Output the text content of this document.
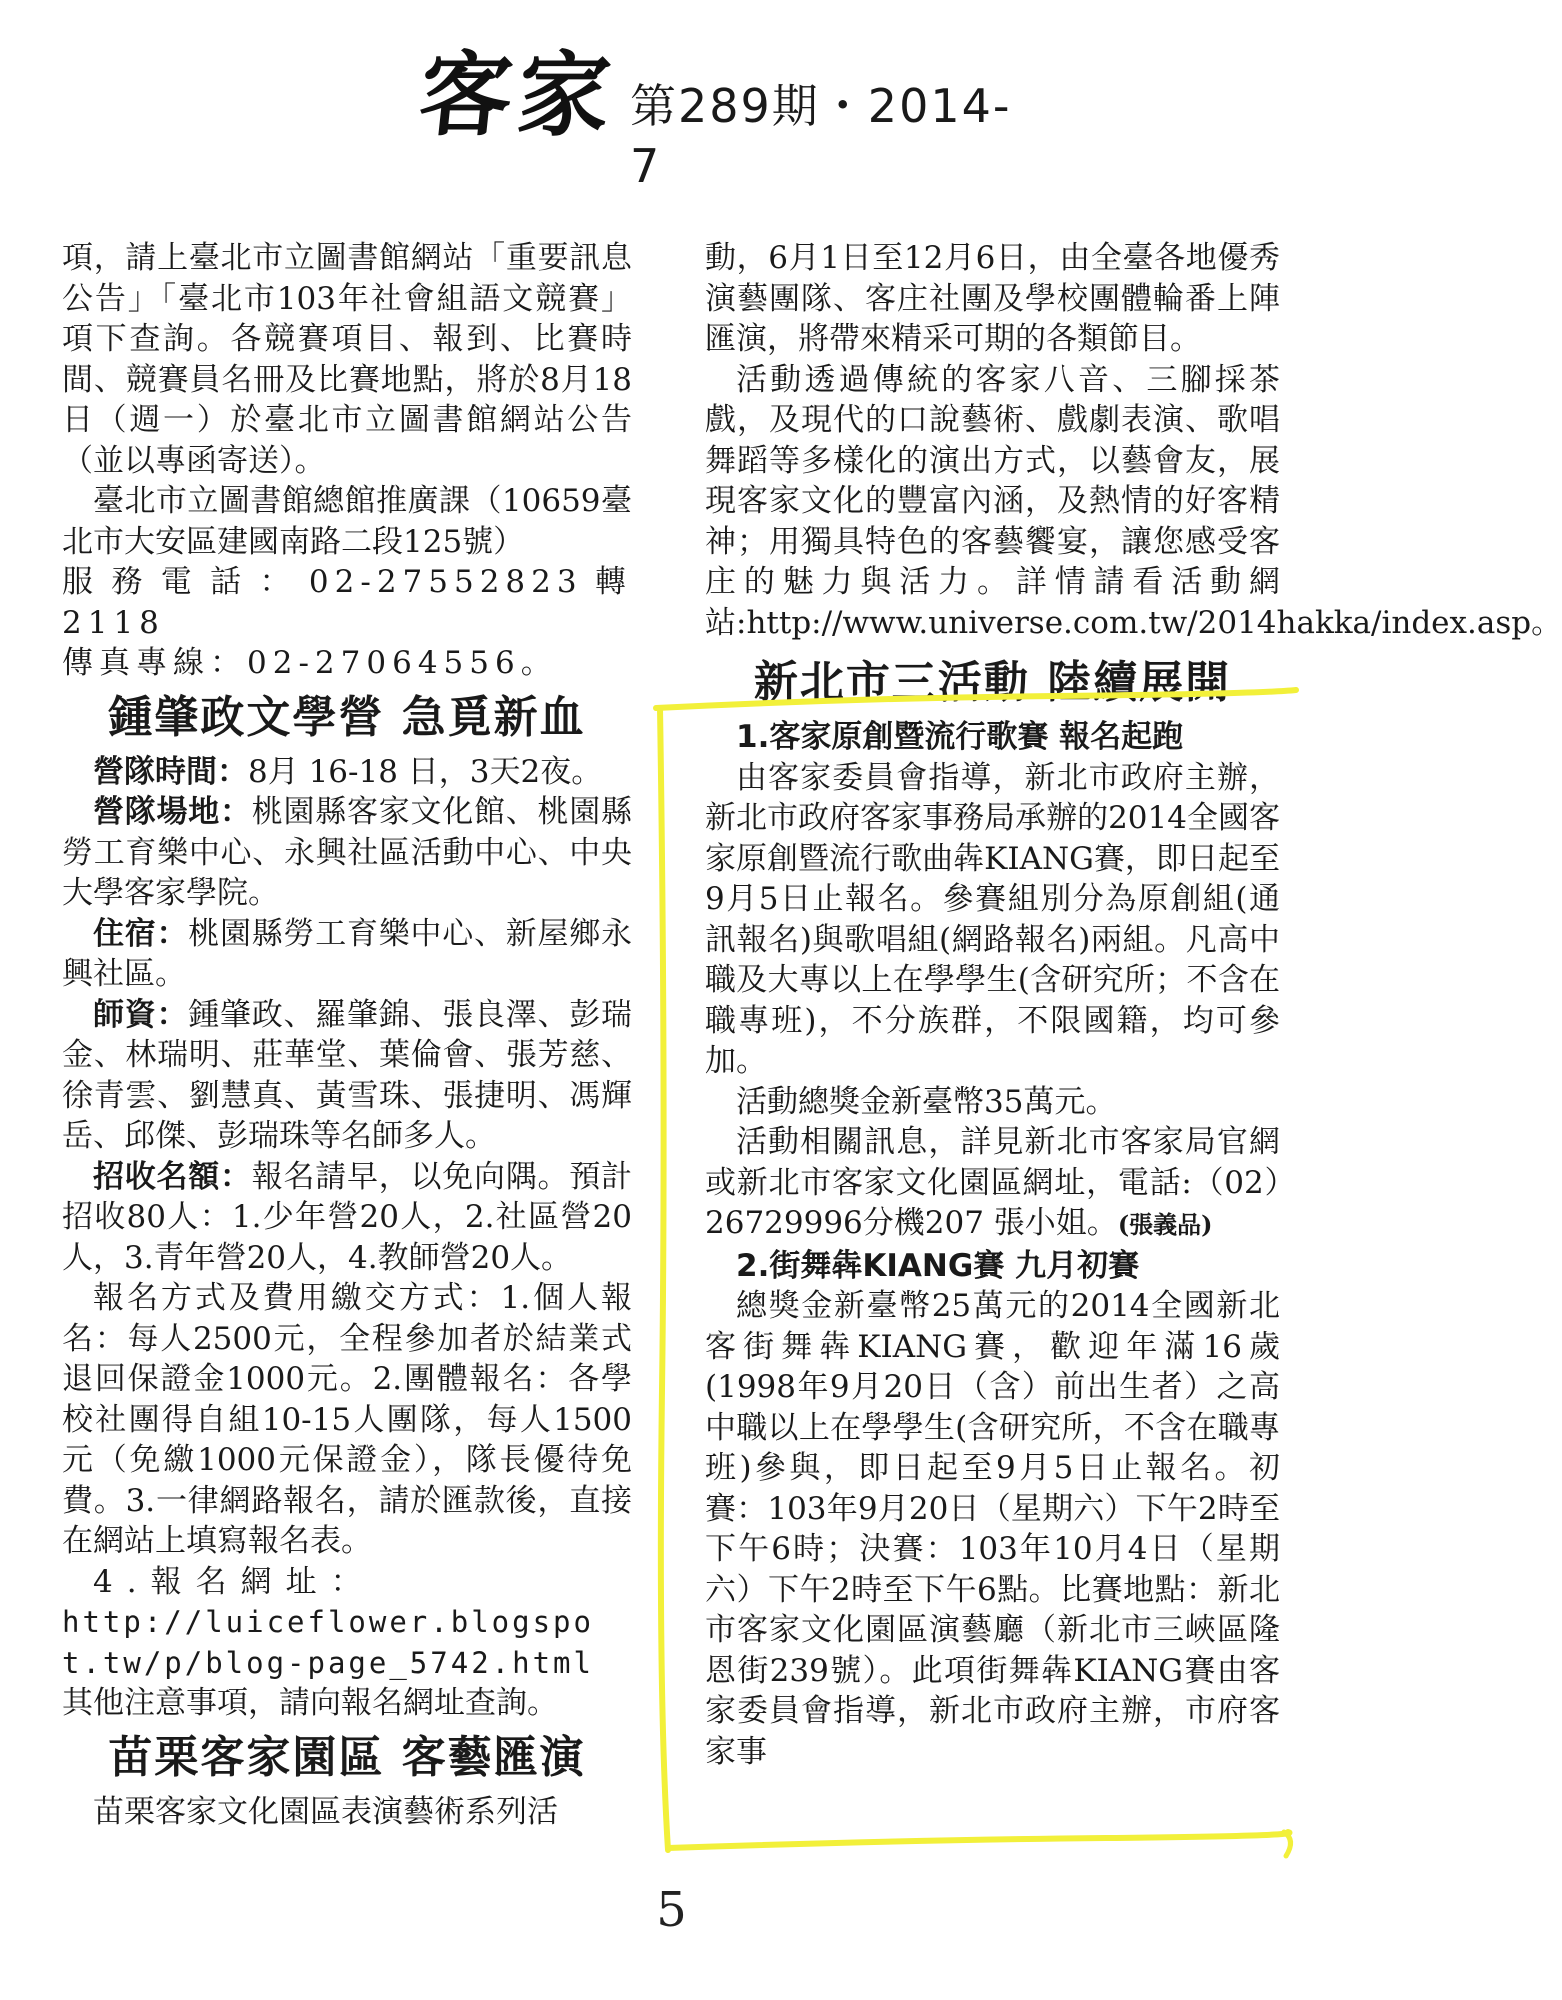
客家 第289期・2014-7

項，請上臺北市立圖書館網站「重要訊息公告」「臺北市103年社會組語文競賽」項下查詢。各競賽項目、報到、比賽時間、競賽員名冊及比賽地點，將於8月18日（週一）於臺北市立圖書館網站公告（並以專函寄送）。

臺北市立圖書館總館推廣課（10659臺北市大安區建國南路二段125號）

服務電話：02-27552823轉2118

傳真專線：02-27064556。

鍾肇政文學營 急覓新血

營隊時間：8月 16-18 日，3天2夜。

營隊場地：桃園縣客家文化館、桃園縣勞工育樂中心、永興社區活動中心、中央大學客家學院。

住宿：桃園縣勞工育樂中心、新屋鄉永興社區。

師資：鍾肇政、羅肇錦、張良澤、彭瑞金、林瑞明、莊華堂、葉倫會、張芳慈、徐青雲、劉慧真、黃雪珠、張捷明、馮輝岳、邱傑、彭瑞珠等名師多人。

招收名額：報名請早，以免向隅。預計招收80人：1.少年營20人，2.社區營20人，3.青年營20人，4.教師營20人。

報名方式及費用繳交方式：1.個人報名：每人2500元，全程參加者於結業式退回保證金1000元。2.團體報名：各學校社團得自組10-15人團隊，每人1500元（免繳1000元保證金），隊長優待免費。3.一律網路報名，請於匯款後，直接在網站上填寫報名表。

4.報名網址：

http://luiceflower.blogspot.tw/p/blog-page_5742.html

其他注意事項，請向報名網址查詢。

苗栗客家園區 客藝匯演

苗栗客家文化園區表演藝術系列活

動，6月1日至12月6日，由全臺各地優秀演藝團隊、客庄社團及學校團體輪番上陣匯演，將帶來精采可期的各類節目。

活動透過傳統的客家八音、三腳採茶戲，及現代的口說藝術、戲劇表演、歌唱舞蹈等多樣化的演出方式，以藝會友，展現客家文化的豐富內涵，及熱情的好客精神；用獨具特色的客藝饗宴，讓您感受客庄的魅力與活力。詳情請看活動網站:http://www.universe.com.tw/2014hakka/index.asp。

新北市三活動 陸續展開
1.客家原創暨流行歌賽 報名起跑

由客家委員會指導，新北市政府主辦，新北市政府客家事務局承辦的2014全國客家原創暨流行歌曲犇KIANG賽，即日起至9月5日止報名。參賽組別分為原創組(通訊報名)與歌唱組(網路報名)兩組。凡高中職及大專以上在學學生(含研究所；不含在職專班)，不分族群，不限國籍，均可參加。

活動總獎金新臺幣35萬元。

活動相關訊息，詳見新北市客家局官網或新北市客家文化園區網址，電話:（02）26729996分機207 張小姐。(張義品)

2.街舞犇KIANG賽 九月初賽

總獎金新臺幣25萬元的2014全國新北客街舞犇KIANG賽，歡迎年滿16歲(1998年9月20日（含）前出生者）之高中職以上在學學生(含研究所，不含在職專班)參與，即日起至9月5日止報名。初賽：103年9月20日（星期六）下午2時至下午6時；決賽：103年10月4日（星期六）下午2時至下午6點。比賽地點：新北市客家文化園區演藝廳（新北市三峽區隆恩街239號）。此項街舞犇KIANG賽由客家委員會指導，新北市政府主辦，市府客家事

5
